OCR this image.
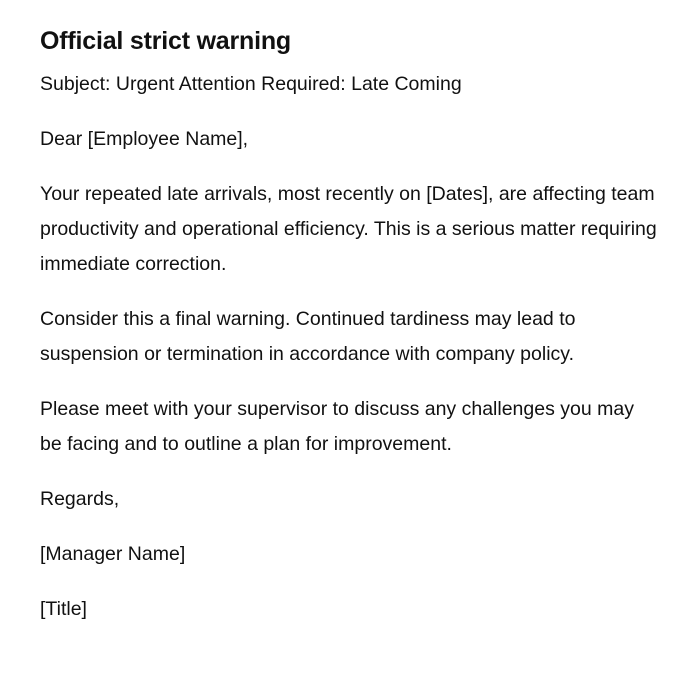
Official strict warning

Subject: Urgent Attention Required: Late Coming

Dear [Employee Name],

Your repeated late arrivals, most recently on [Dates], are affecting team productivity and operational efficiency. This is a serious matter requiring immediate correction.

Consider this a final warning. Continued tardiness may lead to suspension or termination in accordance with company policy.

Please meet with your supervisor to discuss any challenges you may be facing and to outline a plan for improvement.

Regards,

[Manager Name]

[Title]
